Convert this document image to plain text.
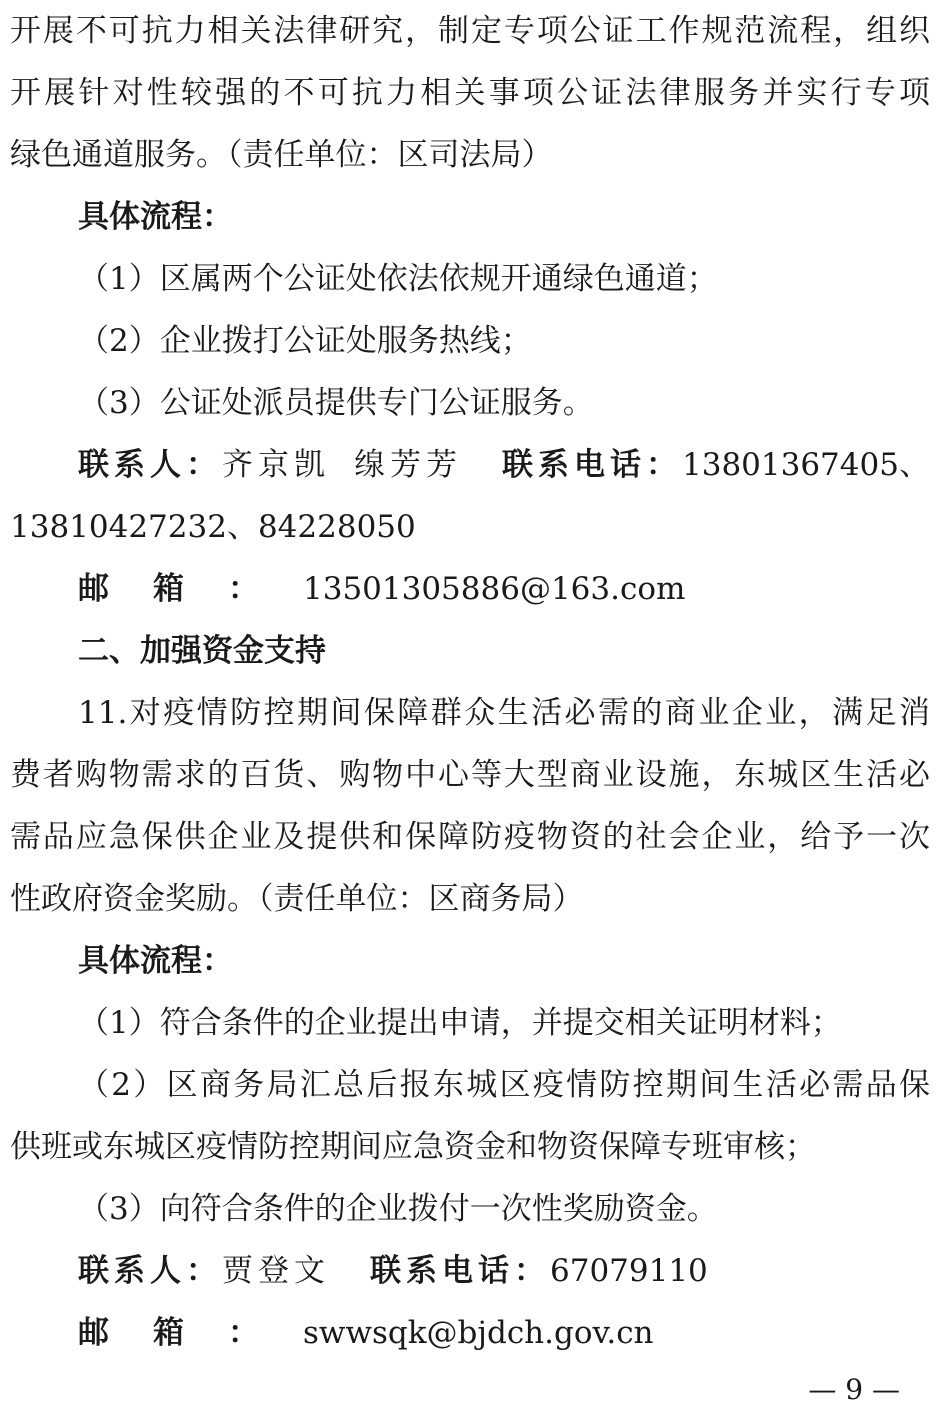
开展不可抗力相关法律研究，制定专项公证工作规范流程，组织
开展针对性较强的不可抗力相关事项公证法律服务并实行专项
绿色通道服务。（责任单位：区司法局）
具体流程：
（1）区属两个公证处依法依规开通绿色通道；
（2）企业拨打公证处服务热线；
（3）公证处派员提供专门公证服务。
联系人：齐京凯 缐芳芳 联系电话：13801367405、
13810427232、84228050
邮箱：13501305886@163.com
二、加强资金支持
11.对疫情防控期间保障群众生活必需的商业企业，满足消
费者购物需求的百货、购物中心等大型商业设施，东城区生活必
需品应急保供企业及提供和保障防疫物资的社会企业，给予一次
性政府资金奖励。（责任单位：区商务局）
具体流程：
（1）符合条件的企业提出申请，并提交相关证明材料；
（2）区商务局汇总后报东城区疫情防控期间生活必需品保
供班或东城区疫情防控期间应急资金和物资保障专班审核；
（3）向符合条件的企业拨付一次性奖励资金。
联系人：贾登文 联系电话：67079110
邮箱：swwsqk@bjdch.gov.cn
— 9 —
